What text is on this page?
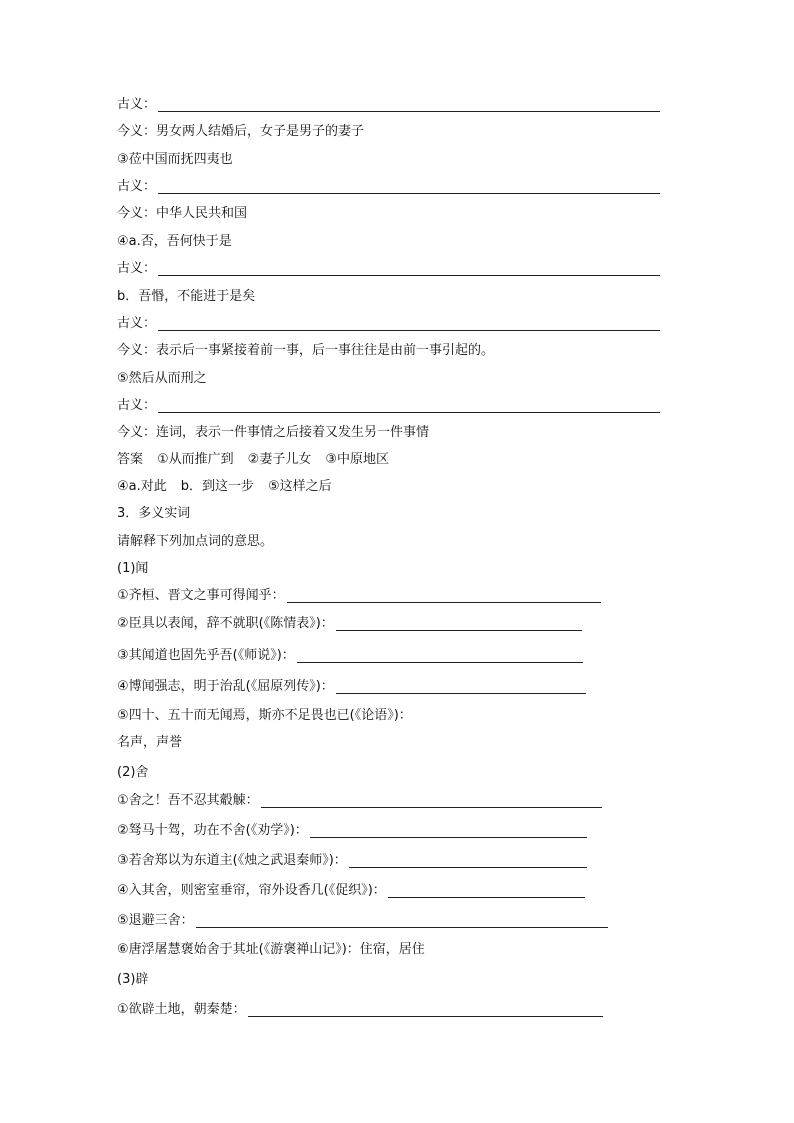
古义：
今义：男女两人结婚后，女子是男子的妻子
③莅中国而抚四夷也
古义：
今义：中华人民共和国
④a.否，吾何快于是
古义：
b．吾惽，不能进于是矣
古义：
今义：表示后一事紧接着前一事，后一事往往是由前一事引起的。
⑤然后从而刑之
古义：
今义：连词，表示一件事情之后接着又发生另一件事情
答案 ①从而推广到 ②妻子儿女 ③中原地区
④a.对此 b．到这一步 ⑤这样之后
3．多义实词
请解释下列加点词的意思。
(1)闻
①齐桓、晋文之事可得闻乎：
②臣具以表闻，辞不就职(《陈情表》)：
③其闻道也固先乎吾(《师说》)：
④博闻强志，明于治乱(《屈原列传》)：
⑤四十、五十而无闻焉，斯亦不足畏也已(《论语》)：
名声，声誉
(2)舍
①舍之！吾不忍其觳觫：
②驽马十驾，功在不舍(《劝学》)：
③若舍郑以为东道主(《烛之武退秦师》)：
④入其舍，则密室垂帘，帘外设香几(《促织》)：
⑤退避三舍：
⑥唐浮屠慧褒始舍于其址(《游褒禅山记》)：住宿，居住
(3)辟
①欲辟土地，朝秦楚：
